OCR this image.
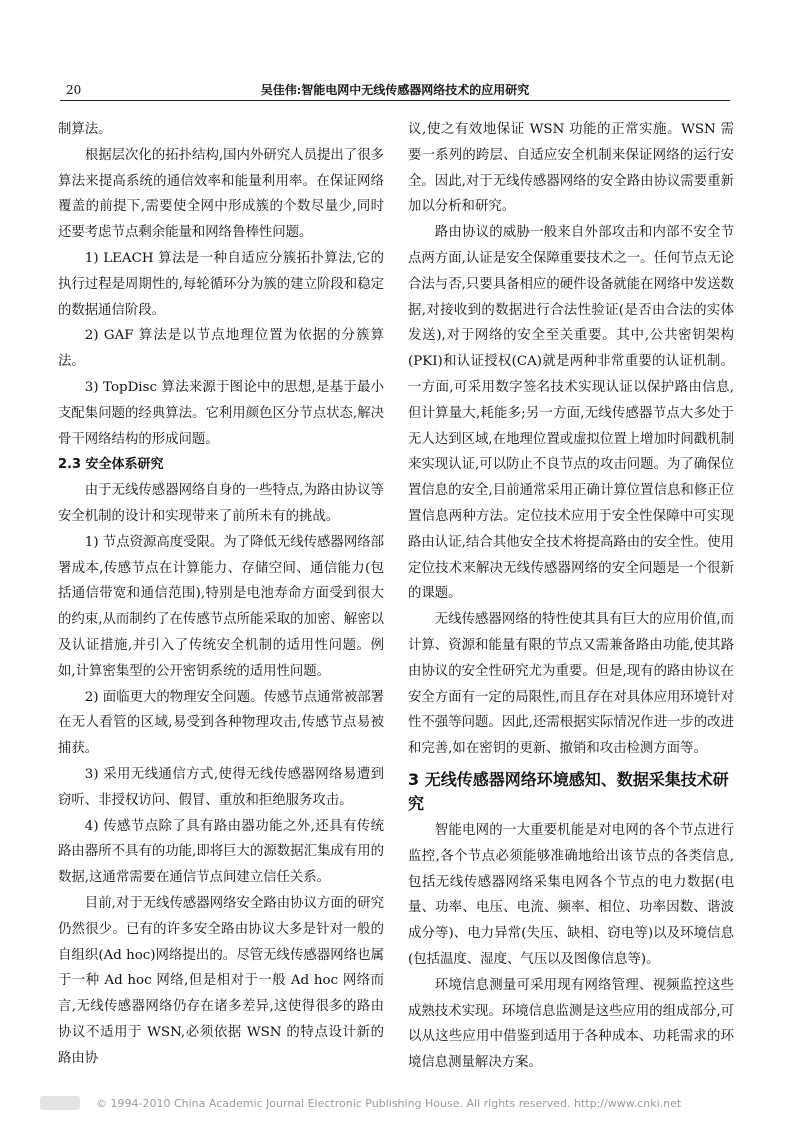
20	吴佳伟:智能电网中无线传感器网络技术的应用研究

制算法。

根据层次化的拓扑结构,国内外研究人员提出了很多算法来提高系统的通信效率和能量利用率。在保证网络覆盖的前提下,需要使全网中形成簇的个数尽量少,同时还要考虑节点剩余能量和网络鲁棒性问题。

1) LEACH 算法是一种自适应分簇拓扑算法,它的执行过程是周期性的,每轮循环分为簇的建立阶段和稳定的数据通信阶段。

2) GAF 算法是以节点地理位置为依据的分簇算法。

3) TopDisc 算法来源于图论中的思想,是基于最小支配集问题的经典算法。它利用颜色区分节点状态,解决骨干网络结构的形成问题。

2.3 安全体系研究

由于无线传感器网络自身的一些特点,为路由协议等安全机制的设计和实现带来了前所未有的挑战。

1) 节点资源高度受限。为了降低无线传感器网络部署成本,传感节点在计算能力、存储空间、通信能力(包括通信带宽和通信范围),特别是电池寿命方面受到很大的约束,从而制约了在传感节点所能采取的加密、解密以及认证措施,并引入了传统安全机制的适用性问题。例如,计算密集型的公开密钥系统的适用性问题。

2) 面临更大的物理安全问题。传感节点通常被部署在无人看管的区域,易受到各种物理攻击,传感节点易被捕获。

3) 采用无线通信方式,使得无线传感器网络易遭到窃听、非授权访问、假冒、重放和拒绝服务攻击。

4) 传感节点除了具有路由器功能之外,还具有传统路由器所不具有的功能,即将巨大的源数据汇集成有用的数据,这通常需要在通信节点间建立信任关系。

目前,对于无线传感器网络安全路由协议方面的研究仍然很少。已有的许多安全路由协议大多是针对一般的自组织(Ad hoc)网络提出的。尽管无线传感器网络也属于一种 Ad hoc 网络,但是相对于一般 Ad hoc 网络而言,无线传感器网络仍存在诸多差异,这使得很多的路由协议不适用于 WSN,必须依据 WSN 的特点设计新的路由协

议,使之有效地保证 WSN 功能的正常实施。WSN 需要一系列的跨层、自适应安全机制来保证网络的运行安全。因此,对于无线传感器网络的安全路由协议需要重新加以分析和研究。

路由协议的威胁一般来自外部攻击和内部不安全节点两方面,认证是安全保障重要技术之一。任何节点无论合法与否,只要具备相应的硬件设备就能在网络中发送数据,对接收到的数据进行合法性验证(是否由合法的实体发送),对于网络的安全至关重要。其中,公共密钥架构(PKI)和认证授权(CA)就是两种非常重要的认证机制。一方面,可采用数字签名技术实现认证以保护路由信息,但计算量大,耗能多;另一方面,无线传感器节点大多处于无人达到区域,在地理位置或虚拟位置上增加时间戳机制来实现认证,可以防止不良节点的攻击问题。为了确保位置信息的安全,目前通常采用正确计算位置信息和修正位置信息两种方法。定位技术应用于安全性保障中可实现路由认证,结合其他安全技术将提高路由的安全性。使用定位技术来解决无线传感器网络的安全问题是一个很新的课题。

无线传感器网络的特性使其具有巨大的应用价值,而计算、资源和能量有限的节点又需兼备路由功能,使其路由协议的安全性研究尤为重要。但是,现有的路由协议在安全方面有一定的局限性,而且存在对具体应用环境针对性不强等问题。因此,还需根据实际情况作进一步的改进和完善,如在密钥的更新、撤销和攻击检测方面等。

3 无线传感器网络环境感知、数据采集技术研究

智能电网的一大重要机能是对电网的各个节点进行监控,各个节点必须能够准确地给出该节点的各类信息,包括无线传感器网络采集电网各个节点的电力数据(电量、功率、电压、电流、频率、相位、功率因数、谐波成分等)、电力异常(失压、缺相、窃电等)以及环境信息(包括温度、湿度、气压以及图像信息等)。

环境信息测量可采用现有网络管理、视频监控这些成熟技术实现。环境信息监测是这些应用的组成部分,可以从这些应用中借鉴到适用于各种成本、功耗需求的环境信息测量解决方案。

© 1994-2010 China Academic Journal Electronic Publishing House. All rights reserved. http://www.cnki.net
